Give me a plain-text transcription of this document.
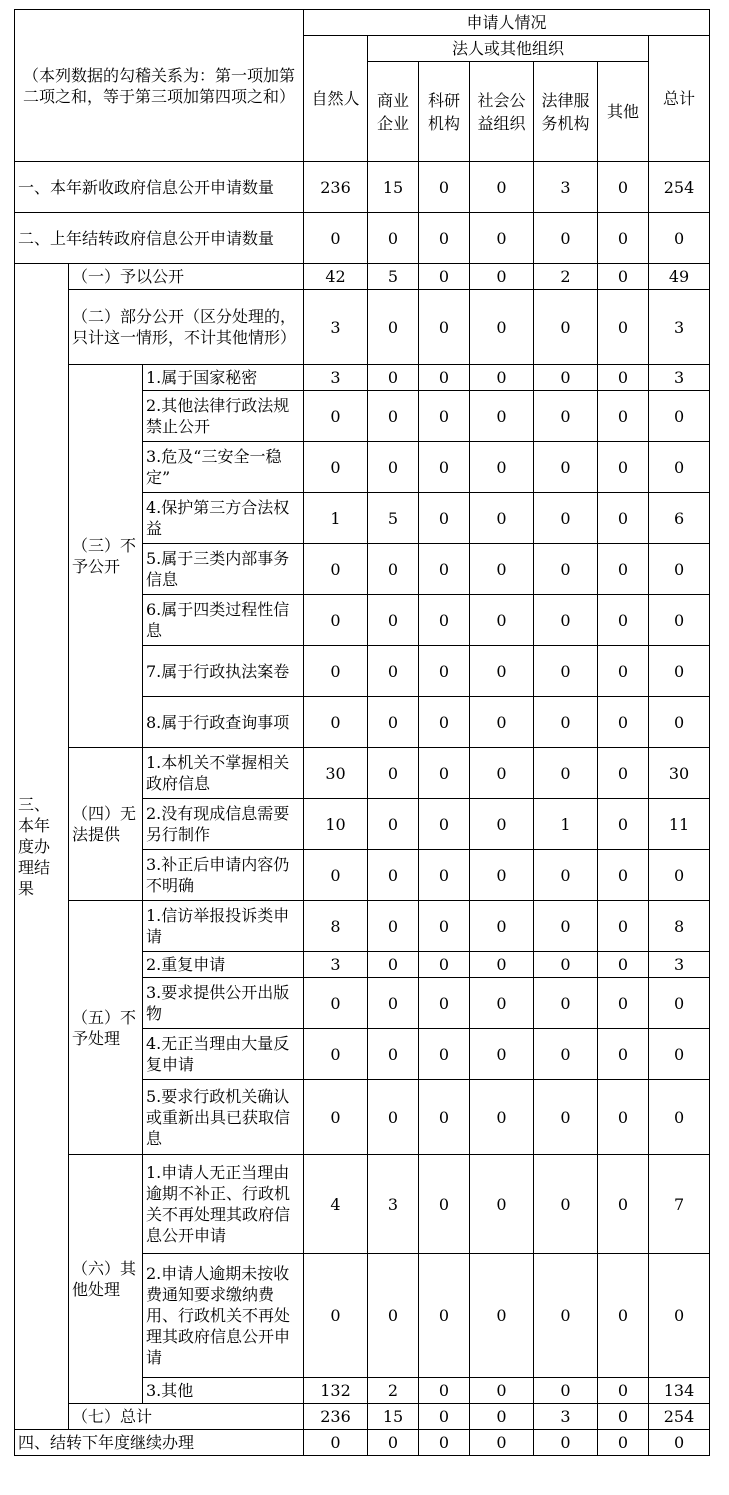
（本列数据的勾稽关系为：第一项加第二项之和，等于第三项加第四项之和）			申请人情况						
			自然人	法人或其他组织					总计
				商业企业	科研机构	社会公益组织	法律服务机构	其他	
一、本年新收政府信息公开申请数量			236	15	0	0	3	0	254
二、上年结转政府信息公开申请数量			0	0	0	0	0	0	0
三、本年度办理结果	（一）予以公开		42	5	0	0	2	0	49
	（二）部分公开（区分处理的，只计这一情形，不计其他情形）		3	0	0	0	0	0	3
	（三）不予公开	1.属于国家秘密	3	0	0	0	0	0	3
		2.其他法律行政法规禁止公开	0	0	0	0	0	0	0
		3.危及“三安全一稳定”	0	0	0	0	0	0	0
		4.保护第三方合法权益	1	5	0	0	0	0	6
		5.属于三类内部事务信息	0	0	0	0	0	0	0
		6.属于四类过程性信息	0	0	0	0	0	0	0
		7.属于行政执法案卷	0	0	0	0	0	0	0
		8.属于行政查询事项	0	0	0	0	0	0	0
	（四）无法提供	1.本机关不掌握相关政府信息	30	0	0	0	0	0	30
		2.没有现成信息需要另行制作	10	0	0	0	1	0	11
		3.补正后申请内容仍不明确	0	0	0	0	0	0	0
	（五）不予处理	1.信访举报投诉类申请	8	0	0	0	0	0	8
		2.重复申请	3	0	0	0	0	0	3
		3.要求提供公开出版物	0	0	0	0	0	0	0
		4.无正当理由大量反复申请	0	0	0	0	0	0	0
		5.要求行政机关确认或重新出具已获取信息	0	0	0	0	0	0	0
	（六）其他处理	1.申请人无正当理由逾期不补正、行政机关不再处理其政府信息公开申请	4	3	0	0	0	0	7
		2.申请人逾期未按收费通知要求缴纳费用、行政机关不再处理其政府信息公开申请	0	0	0	0	0	0	0
		3.其他	132	2	0	0	0	0	134
	（七）总计		236	15	0	0	3	0	254
四、结转下年度继续办理			0	0	0	0	0	0	0
